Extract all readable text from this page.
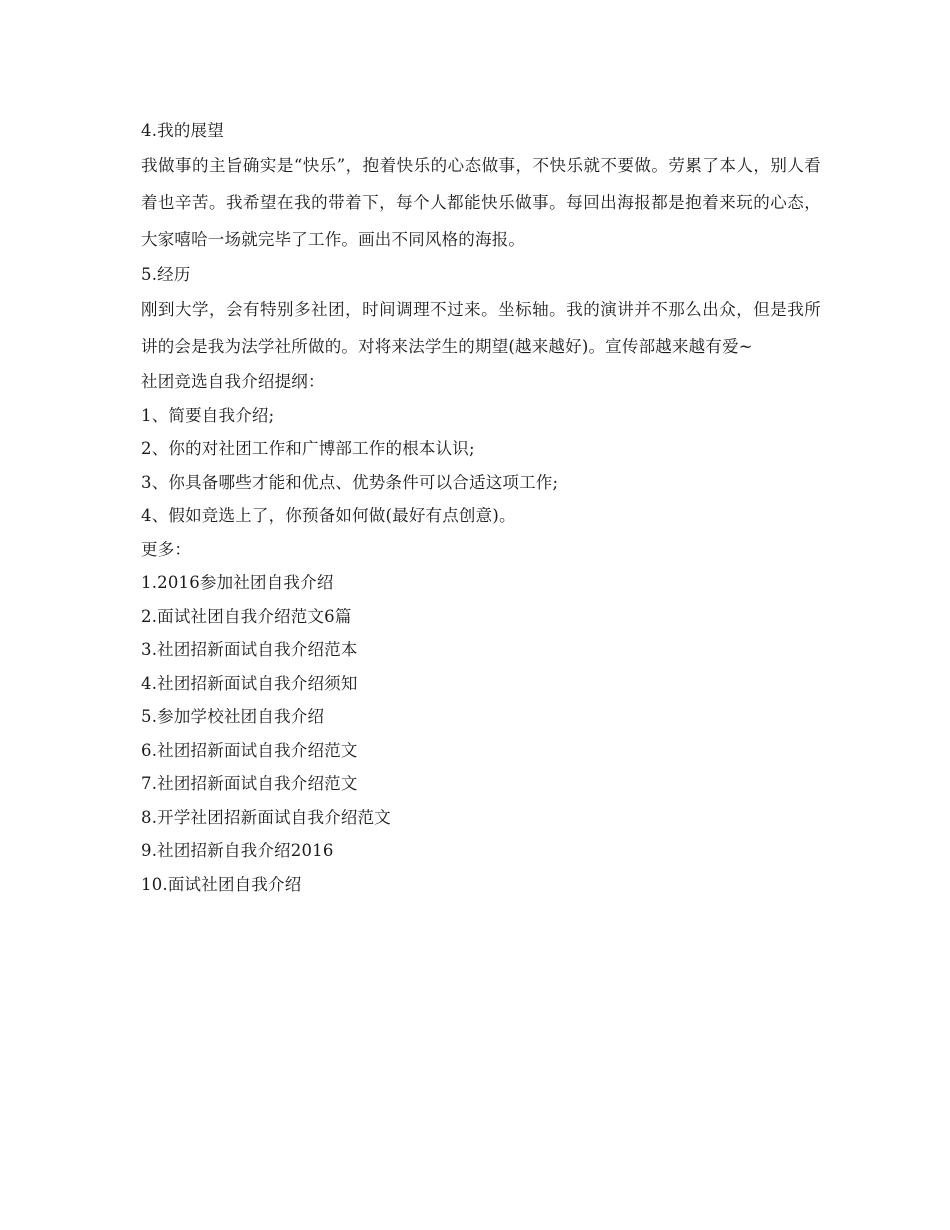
4.我的展望

我做事的主旨确实是“快乐”，抱着快乐的心态做事，不快乐就不要做。劳累了本人，别人看着也辛苦。我希望在我的带着下，每个人都能快乐做事。每回出海报都是抱着来玩的心态，大家嘻哈一场就完毕了工作。画出不同风格的海报。

5.经历

刚到大学，会有特别多社团，时间调理不过来。坐标轴。我的演讲并不那么出众，但是我所讲的会是我为法学社所做的。对将来法学生的期望(越来越好)。宣传部越来越有爱~

社团竞选自我介绍提纲：

1、简要自我介绍;

2、你的对社团工作和广博部工作的根本认识;

3、你具备哪些才能和优点、优势条件可以合适这项工作;

4、假如竞选上了，你预备如何做(最好有点创意)。

更多：

1.2016参加社团自我介绍

2.面试社团自我介绍范文6篇

3.社团招新面试自我介绍范本

4.社团招新面试自我介绍须知

5.参加学校社团自我介绍

6.社团招新面试自我介绍范文

7.社团招新面试自我介绍范文

8.开学社团招新面试自我介绍范文

9.社团招新自我介绍2016

10.面试社团自我介绍
